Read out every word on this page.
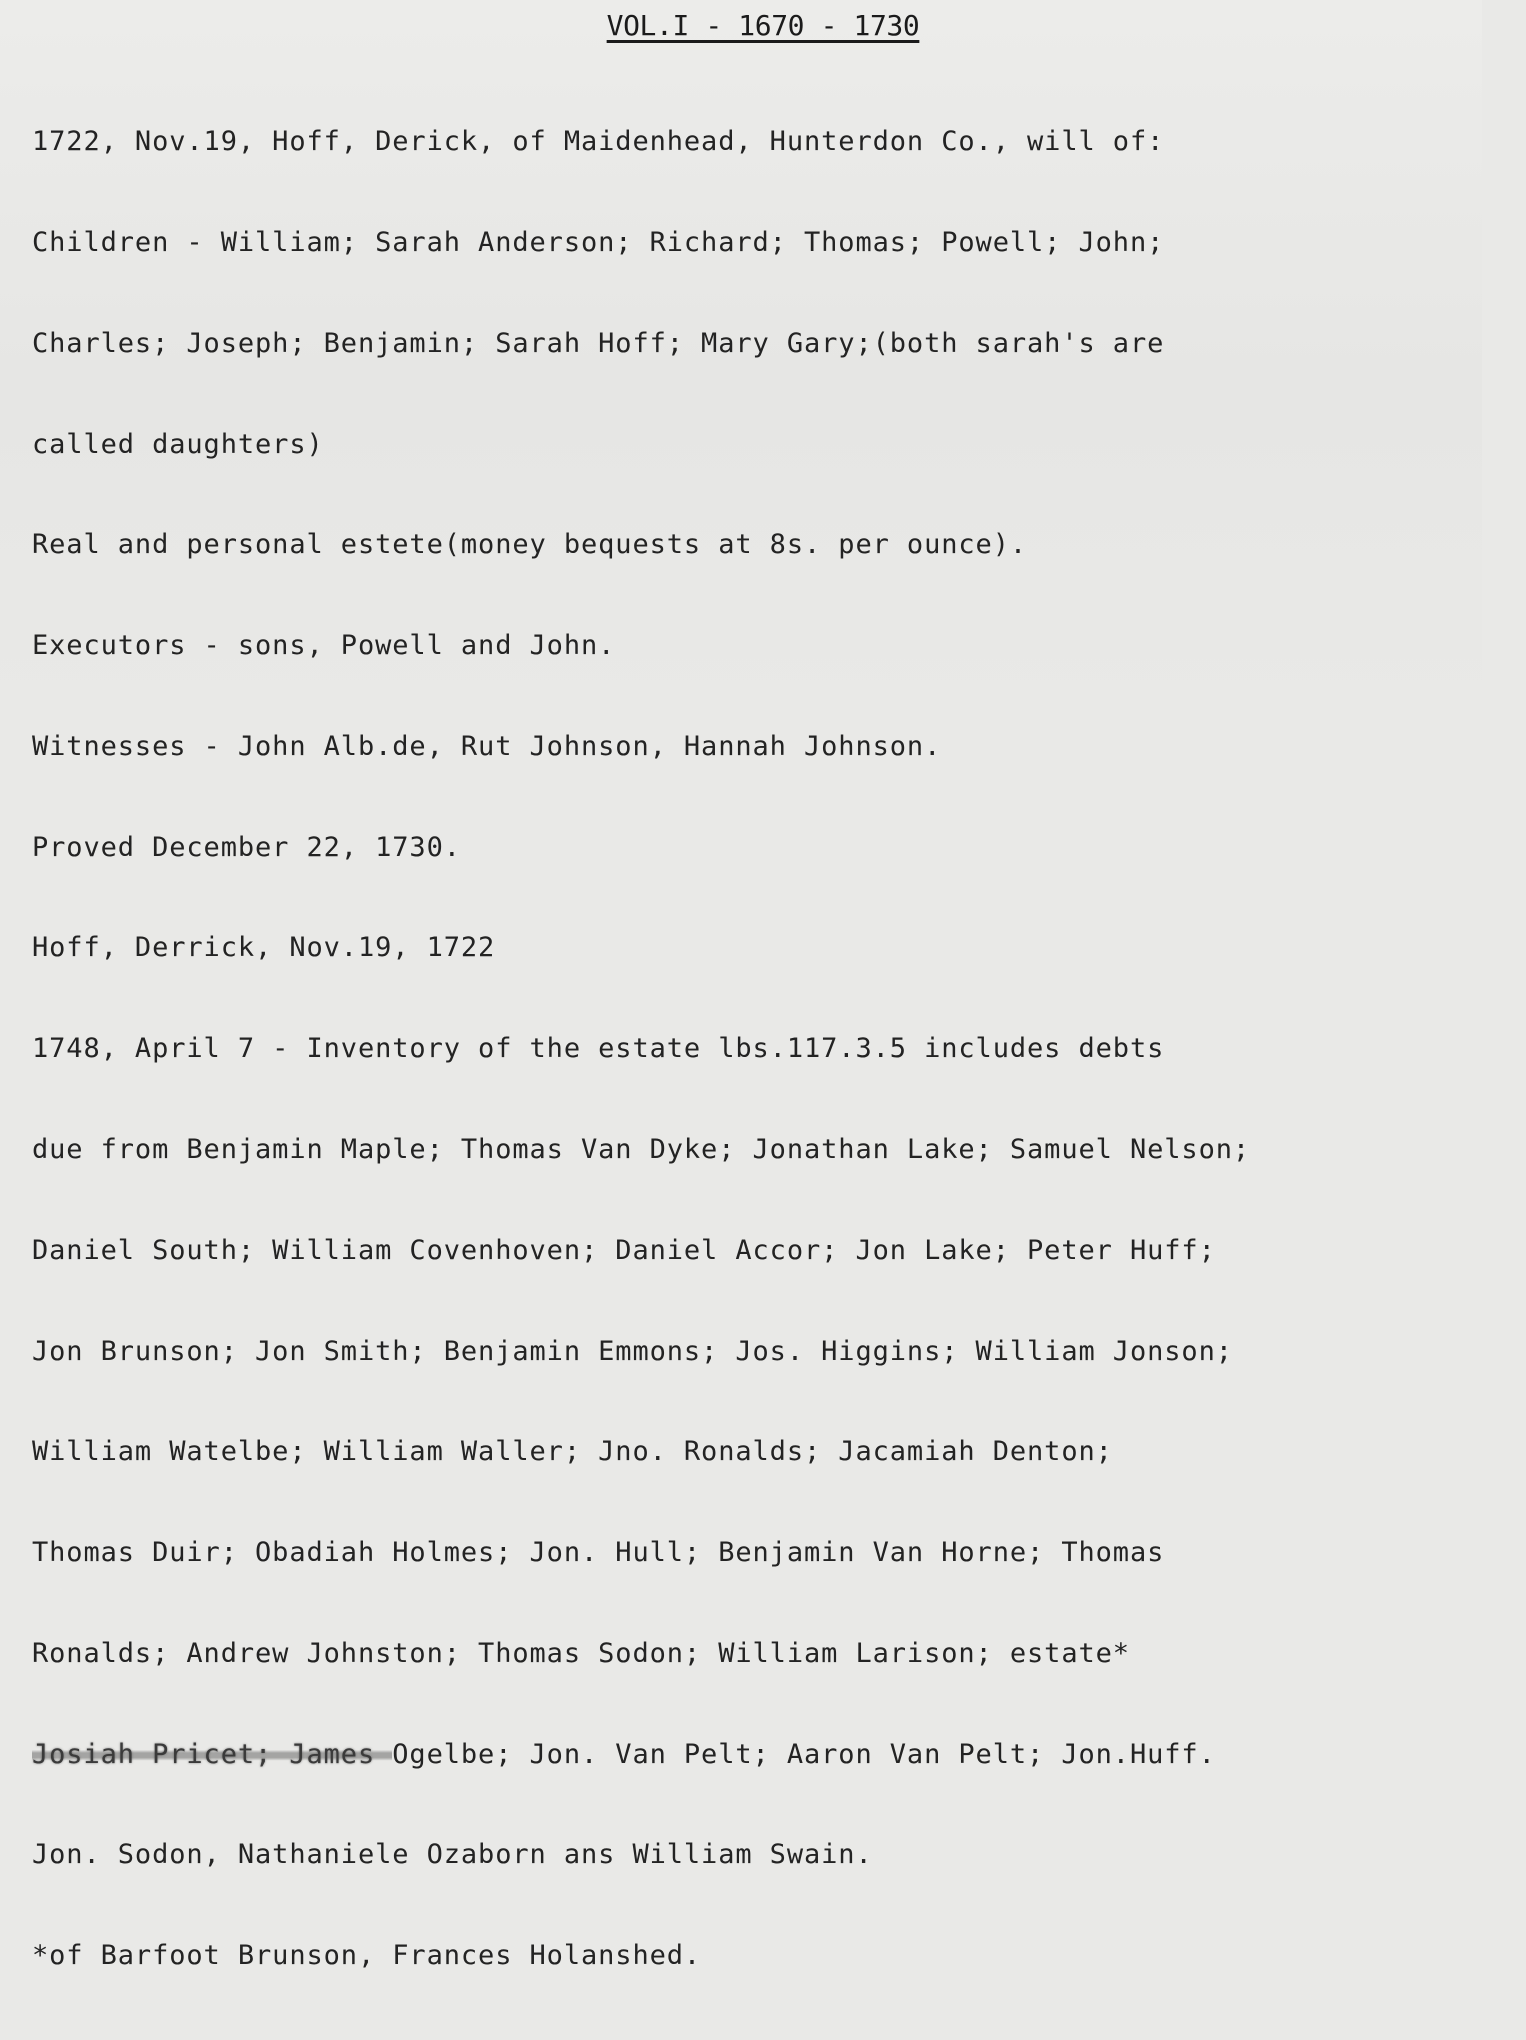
VOL.I - 1670 - 1730

1722, Nov.19, Hoff, Derick, of Maidenhead, Hunterdon Co., will of:

Children - William; Sarah Anderson; Richard; Thomas; Powell; John;

Charles; Joseph; Benjamin; Sarah Hoff; Mary Gary;(both sarah's are

called daughters)

Real and personal estete(money bequests at 8s. per ounce).

Executors - sons, Powell and John.

Witnesses - John Alb.de, Rut Johnson, Hannah Johnson.

Proved December 22, 1730.

Hoff, Derrick, Nov.19, 1722

1748, April 7 - Inventory of the estate lbs.117.3.5 includes debts

due from Benjamin Maple; Thomas Van Dyke; Jonathan Lake; Samuel Nelson;

Daniel South; William Covenhoven; Daniel Accor; Jon Lake; Peter Huff;

Jon Brunson; Jon Smith; Benjamin Emmons; Jos. Higgins; William Jonson;

William Watelbe; William Waller; Jno. Ronalds; Jacamiah Denton;

Thomas Duir; Obadiah Holmes; Jon. Hull; Benjamin Van Horne; Thomas

Ronalds; Andrew Johnston; Thomas Sodon; William Larison; estate*

Josiah Pricet; James Ogelbe; Jon. Van Pelt; Aaron Van Pelt; Jon.Huff.

Jon. Sodon, Nathaniele Ozaborn ans William Swain.

*of Barfoot Brunson, Frances Holanshed.
